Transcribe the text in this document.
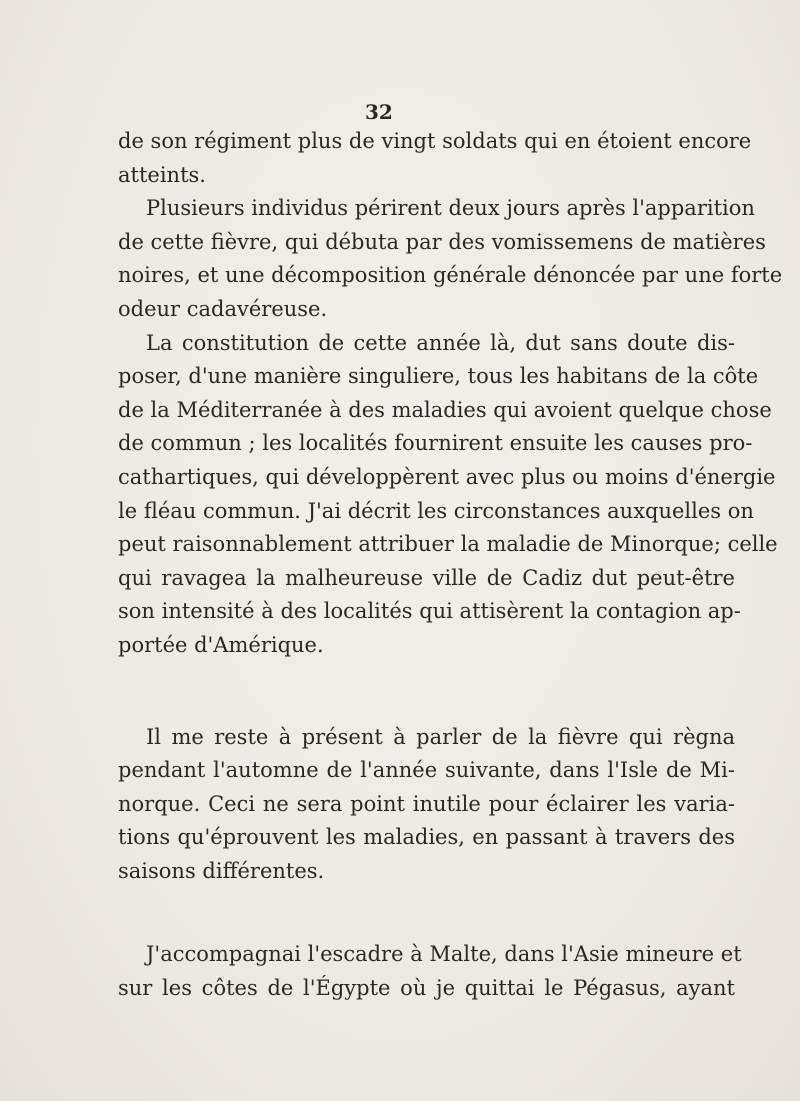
32

de son régiment plus de vingt soldats qui en étoient encore
atteints.

Plusieurs individus périrent deux jours après l'apparition
de cette fièvre, qui débuta par des vomissemens de matières
noires, et une décomposition générale dénoncée par une forte
odeur cadavéreuse.

La constitution de cette année là, dut sans doute dis-
poser, d'une manière singuliere, tous les habitans de la côte
de la Méditerranée à des maladies qui avoient quelque chose
de commun ; les localités fournirent ensuite les causes pro-
cathartiques, qui développèrent avec plus ou moins d'énergie
le fléau commun. J'ai décrit les circonstances auxquelles on
peut raisonnablement attribuer la maladie de Minorque; celle
qui ravagea la malheureuse ville de Cadiz dut peut-être
son intensité à des localités qui attisèrent la contagion ap-
portée d'Amérique.

Il me reste à présent à parler de la fièvre qui règna
pendant l'automne de l'année suivante, dans l'Isle de Mi-
norque. Ceci ne sera point inutile pour éclairer les varia-
tions qu'éprouvent les maladies, en passant à travers des
saisons différentes.

J'accompagnai l'escadre à Malte, dans l'Asie mineure et
sur les côtes de l'Égypte où je quittai le Pégasus, ayant
